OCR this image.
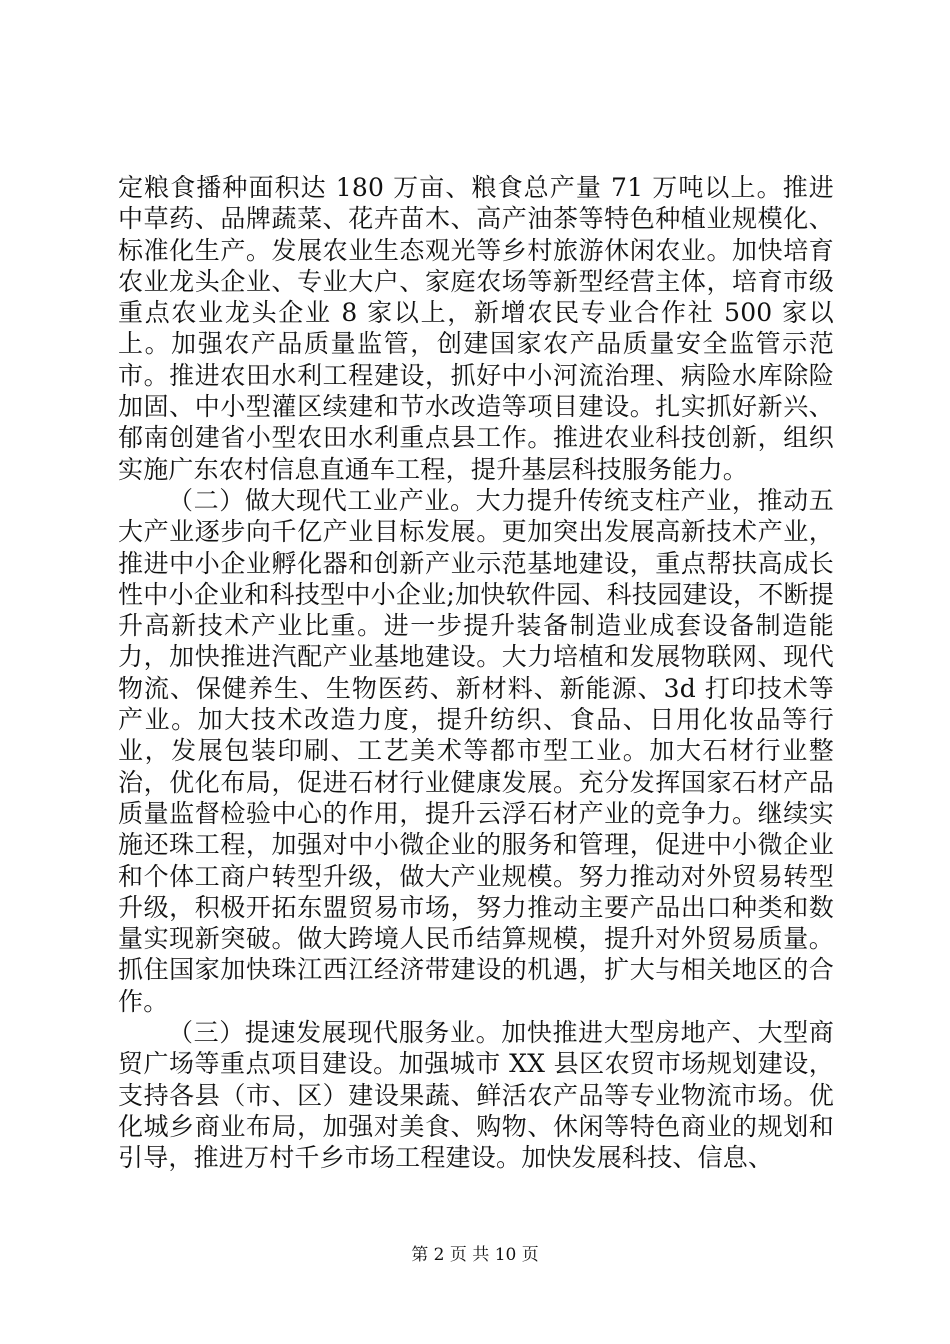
定粮食播种面积达 180 万亩、粮食总产量 71 万吨以上。推进中草药、品牌蔬菜、花卉苗木、高产油茶等特色种植业规模化、标准化生产。发展农业生态观光等乡村旅游休闲农业。加快培育农业龙头企业、专业大户、家庭农场等新型经营主体，培育市级重点农业龙头企业 8 家以上，新增农民专业合作社 500 家以上。加强农产品质量监管，创建国家农产品质量安全监管示范市。推进农田水利工程建设，抓好中小河流治理、病险水库除险加固、中小型灌区续建和节水改造等项目建设。扎实抓好新兴、郁南创建省小型农田水利重点县工作。推进农业科技创新，组织实施广东农村信息直通车工程，提升基层科技服务能力。

（二）做大现代工业产业。大力提升传统支柱产业，推动五大产业逐步向千亿产业目标发展。更加突出发展高新技术产业，推进中小企业孵化器和创新产业示范基地建设，重点帮扶高成长性中小企业和科技型中小企业;加快软件园、科技园建设，不断提升高新技术产业比重。进一步提升装备制造业成套设备制造能力，加快推进汽配产业基地建设。大力培植和发展物联网、现代物流、保健养生、生物医药、新材料、新能源、3d 打印技术等产业。加大技术改造力度，提升纺织、食品、日用化妆品等行业，发展包装印刷、工艺美术等都市型工业。加大石材行业整治，优化布局，促进石材行业健康发展。充分发挥国家石材产品质量监督检验中心的作用，提升云浮石材产业的竞争力。继续实施还珠工程，加强对中小微企业的服务和管理，促进中小微企业和个体工商户转型升级，做大产业规模。努力推动对外贸易转型升级，积极开拓东盟贸易市场，努力推动主要产品出口种类和数量实现新突破。做大跨境人民币结算规模，提升对外贸易质量。抓住国家加快珠江西江经济带建设的机遇，扩大与相关地区的合作。

（三）提速发展现代服务业。加快推进大型房地产、大型商贸广场等重点项目建设。加强城市 XX 县区农贸市场规划建设，支持各县（市、区）建设果蔬、鲜活农产品等专业物流市场。优化城乡商业布局，加强对美食、购物、休闲等特色商业的规划和引导，推进万村千乡市场工程建设。加快发展科技、信息、

第 2 页 共 10 页
